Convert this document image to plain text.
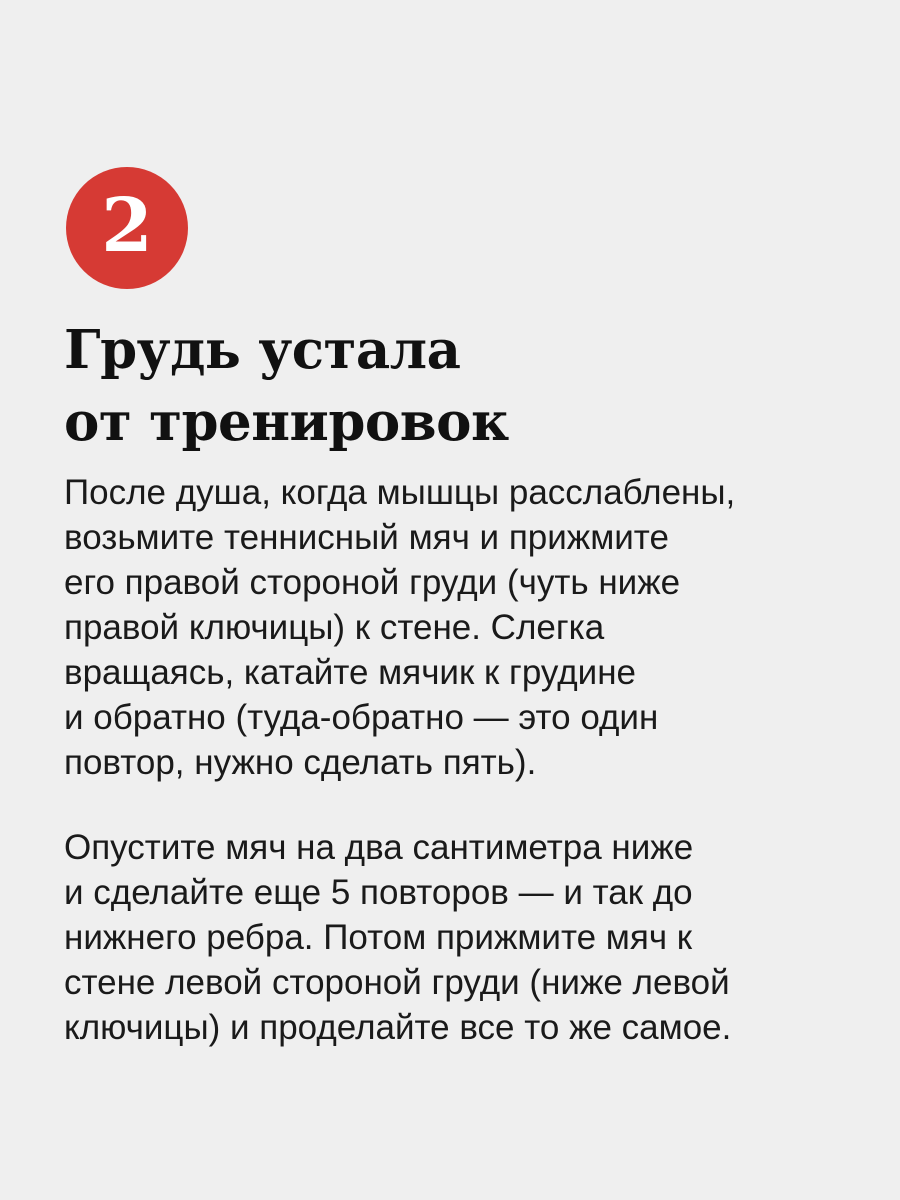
2
Грудь устала
от тренировок

После душа, когда мышцы расслаблены,
возьмите теннисный мяч и прижмите
его правой стороной груди (чуть ниже
правой ключицы) к стене. Слегка
вращаясь, катайте мячик к грудине
и обратно (туда-обратно — это один
повтор, нужно сделать пять).

Опустите мяч на два сантиметра ниже
и сделайте еще 5 повторов — и так до
нижнего ребра. Потом прижмите мяч к
стене левой стороной груди (ниже левой
ключицы) и проделайте все то же самое.
